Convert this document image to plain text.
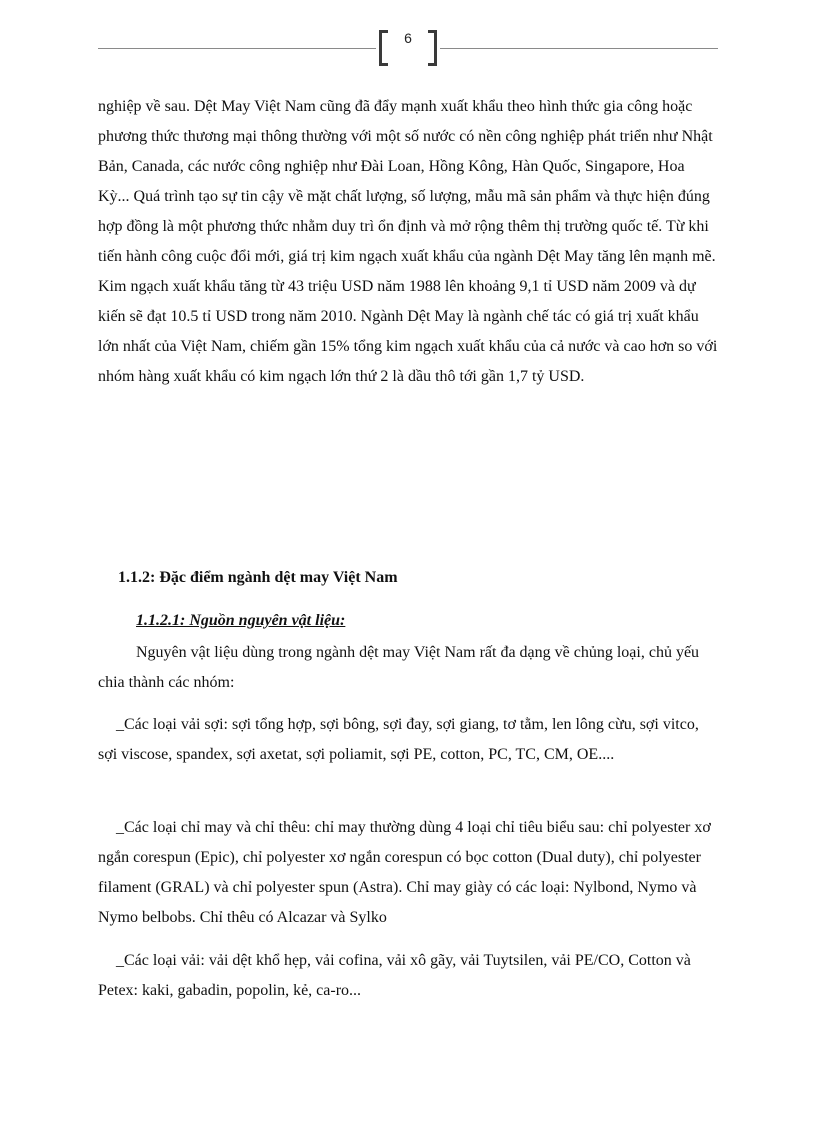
6

nghiệp về sau. Dệt May Việt Nam cũng đã đẩy mạnh xuất khẩu theo hình thức gia công hoặc phương thức thương mại thông thường với một số nước có nền công nghiệp phát triển như Nhật Bản, Canada, các nước công nghiệp như Đài Loan, Hồng Kông, Hàn Quốc, Singapore, Hoa Kỳ... Quá trình tạo sự tin cậy về mặt chất lượng, số lượng, mẫu mã sản phẩm và thực hiện đúng hợp đồng là một phương thức nhằm duy trì ổn định và mở rộng thêm thị trường quốc tế. Từ khi tiến hành công cuộc đổi mới, giá trị kim ngạch xuất khẩu của ngành Dệt May tăng lên mạnh mẽ. Kim ngạch xuất khẩu tăng từ 43 triệu USD năm 1988 lên khoảng 9,1 tỉ USD năm 2009 và dự kiến sẽ đạt 10.5 tỉ USD trong năm 2010. Ngành Dệt May là ngành chế tác có giá trị xuất khẩu lớn nhất của Việt Nam, chiếm gần 15% tổng kim ngạch xuất khẩu của cả nước và cao hơn so với nhóm hàng xuất khẩu có kim ngạch lớn thứ 2 là dầu thô tới gần 1,7 tỷ USD.

1.1.2: Đặc điểm ngành dệt may Việt Nam
1.1.2.1: Nguồn nguyên vật liệu:

Nguyên vật liệu dùng trong ngành dệt may Việt Nam rất đa dạng về chủng loại, chủ yếu chia thành các nhóm:

_Các loại vải sợi: sợi tổng hợp, sợi bông, sợi đay, sợi giang, tơ tằm, len lông cừu, sợi vitco, sợi viscose, spandex, sợi axetat, sợi poliamit, sợi PE, cotton, PC, TC, CM, OE....

_Các loại chỉ may và chỉ thêu: chỉ may thường dùng 4 loại chỉ tiêu biểu sau: chỉ polyester xơ ngắn corespun (Epic), chỉ polyester xơ ngắn corespun có bọc cotton (Dual duty), chỉ polyester filament (GRAL) và chỉ polyester spun (Astra). Chỉ may giày có các loại: Nylbond, Nymo và Nymo belbobs. Chỉ thêu có Alcazar và Sylko

_Các loại vải: vải dệt khổ hẹp, vải cofina, vải xô gãy, vải Tuytsilen, vải PE/CO, Cotton và Petex: kaki, gabadin, popolin, kẻ, ca-ro...
